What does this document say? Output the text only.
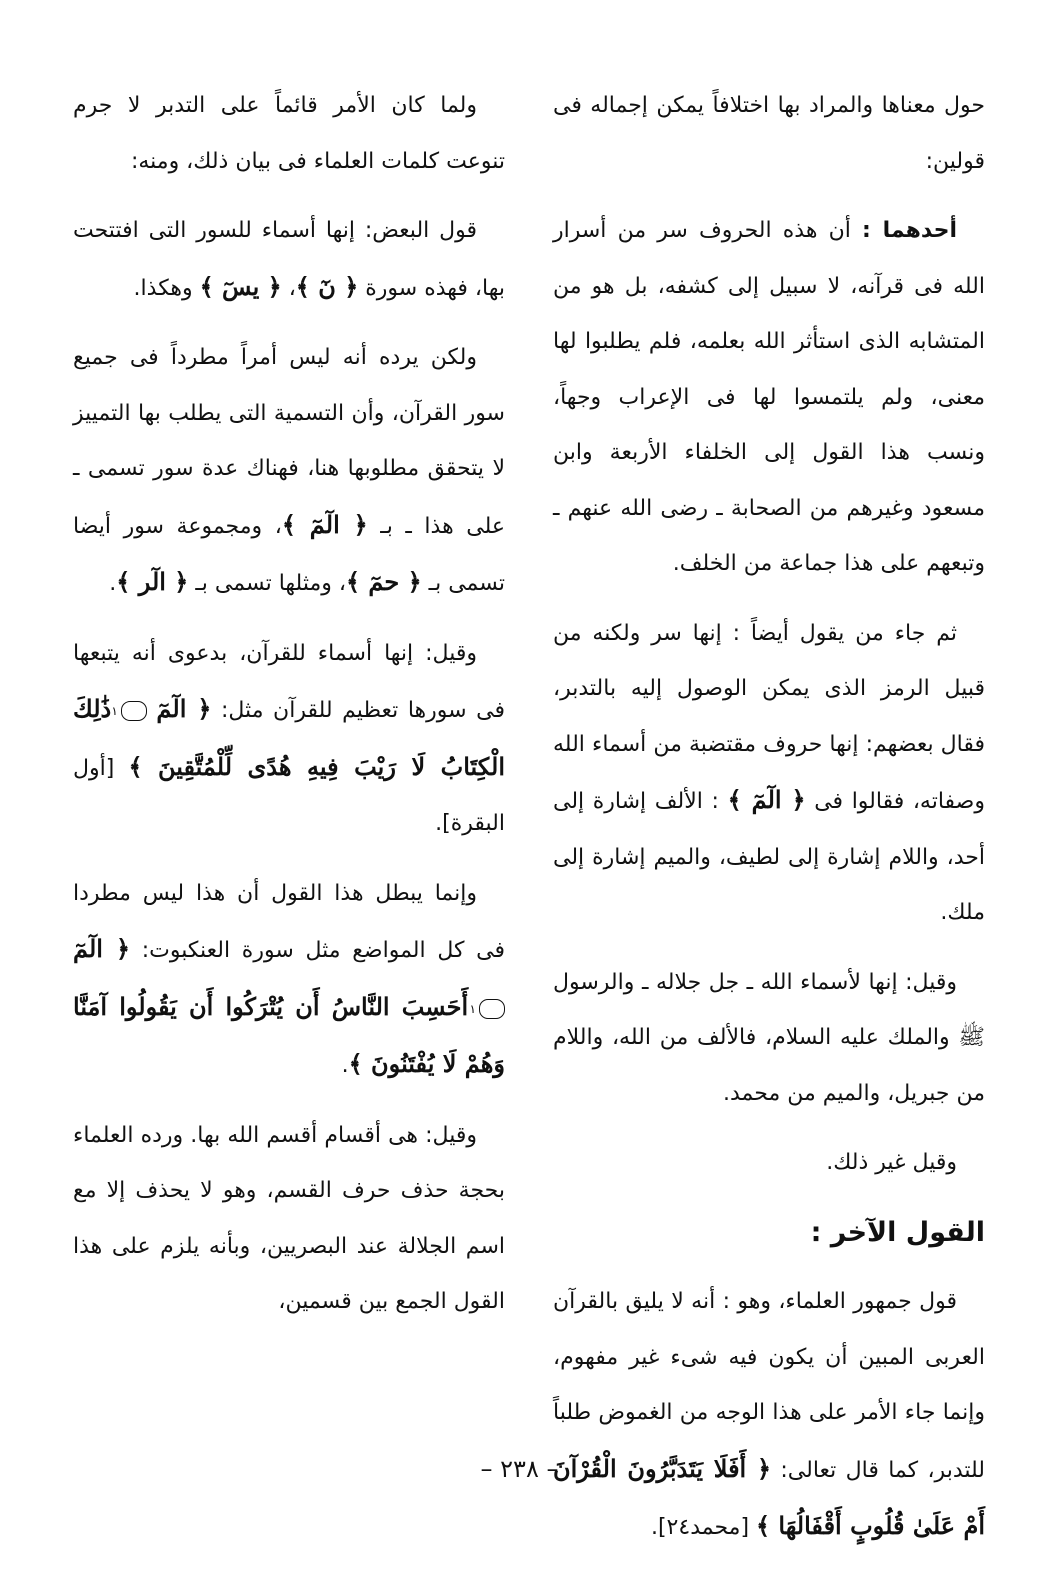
حول معناها والمراد بها اختلافاً يمكن إجماله فى قولين:

أحدهما : أن هذه الحروف سر من أسرار الله فى قرآنه، لا سبيل إلى كشفه، بل هو من المتشابه الذى استأثر الله بعلمه، فلم يطلبوا لها معنى، ولم يلتمسوا لها فى الإعراب وجهاً، ونسب هذا القول إلى الخلفاء الأربعة وابن مسعود وغيرهم من الصحابة ـ رضى الله عنهم ـ وتبعهم على هذا جماعة من الخلف.

ثم جاء من يقول أيضاً : إنها سر ولكنه من قبيل الرمز الذى يمكن الوصول إليه بالتدبر، فقال بعضهم: إنها حروف مقتضبة من أسماء الله وصفاته، فقالوا فى ﴿ الٓمٓ ﴾ : الألف إشارة إلى أحد، واللام إشارة إلى لطيف، والميم إشارة إلى ملك.

وقيل: إنها لأسماء الله ـ جل جلاله ـ والرسول ﷺ والملك عليه السلام، فالألف من الله، واللام من جبريل، والميم من محمد.

وقيل غير ذلك.

القول الآخر :

قول جمهور العلماء، وهو : أنه لا يليق بالقرآن العربى المبين أن يكون فيه شىء غير مفهوم، وإنما جاء الأمر على هذا الوجه من الغموض طلباً للتدبر، كما قال تعالى: ﴿ أَفَلَا يَتَدَبَّرُونَ الْقُرْآنَ أَمْ عَلَىٰ قُلُوبٍ أَقْفَالُهَا ﴾ [محمد٢٤].

ولما كان الأمر قائماً على التدبر لا جرم تنوعت كلمات العلماء فى بيان ذلك، ومنه:

قول البعض: إنها أسماء للسور التى افتتحت بها، فهذه سورة ﴿ نٓ ﴾، ﴿ يسٓ ﴾ وهكذا.

ولكن يرده أنه ليس أمراً مطرداً فى جميع سور القرآن، وأن التسمية التى يطلب بها التمييز لا يتحقق مطلوبها هنا، فهناك عدة سور تسمى ـ على هذا ـ بـ ﴿ الٓمٓ ﴾، ومجموعة سور أيضا تسمى بـ ﴿ حمٓ ﴾، ومثلها تسمى بـ ﴿ الٓر ﴾.

وقيل: إنها أسماء للقرآن، بدعوى أنه يتبعها فى سورها تعظيم للقرآن مثل: ﴿ الٓمٓ ١ ذَٰلِكَ الْكِتَابُ لَا رَيْبَ فِيهِ هُدًى لِّلْمُتَّقِينَ ﴾ [أول البقرة].

وإنما يبطل هذا القول أن هذا ليس مطردا فى كل المواضع مثل سورة العنكبوت: ﴿ الٓمٓ ١ أَحَسِبَ النَّاسُ أَن يُتْرَكُوا أَن يَقُولُوا آمَنَّا وَهُمْ لَا يُفْتَنُونَ ﴾.

وقيل: هى أقسام أقسم الله بها. ورده العلماء بحجة حذف حرف القسم، وهو لا يحذف إلا مع اسم الجلالة عند البصريين، وبأنه يلزم على هذا القول الجمع بين قسمين،

– ٢٣٨ –
